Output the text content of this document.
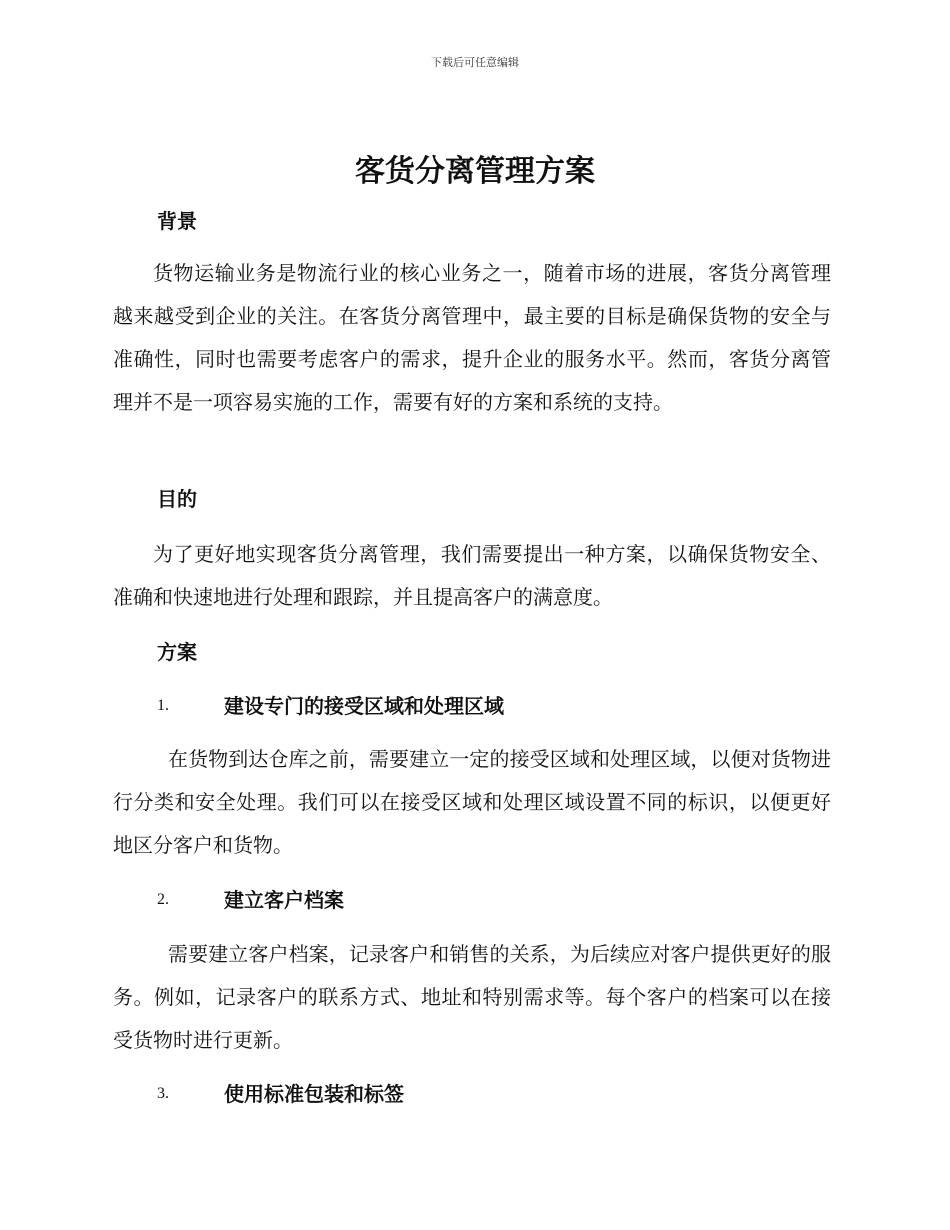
下载后可任意编辑
客货分离管理方案
背景

货物运输业务是物流行业的核心业务之一，随着市场的进展，客货分离管理越来越受到企业的关注。在客货分离管理中，最主要的目标是确保货物的安全与准确性，同时也需要考虑客户的需求，提升企业的服务水平。然而，客货分离管理并不是一项容易实施的工作，需要有好的方案和系统的支持。

目的

为了更好地实现客货分离管理，我们需要提出一种方案，以确保货物安全、准确和快速地进行处理和跟踪，并且提高客户的满意度。

方案
1.	建设专门的接受区域和处理区域

在货物到达仓库之前，需要建立一定的接受区域和处理区域，以便对货物进行分类和安全处理。我们可以在接受区域和处理区域设置不同的标识，以便更好地区分客户和货物。

2.	建立客户档案

需要建立客户档案，记录客户和销售的关系，为后续应对客户提供更好的服务。例如，记录客户的联系方式、地址和特别需求等。每个客户的档案可以在接受货物时进行更新。

3.	使用标准包装和标签
